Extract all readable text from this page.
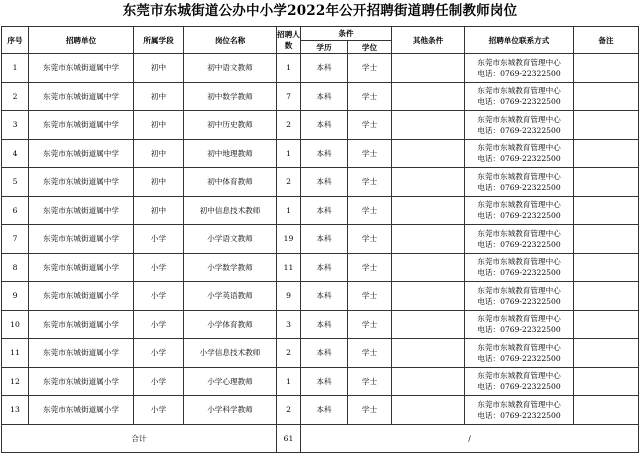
东莞市东城街道公办中小学2022年公开招聘街道聘任制教师岗位
序号	招聘单位	所属学段	岗位名称	招聘人数	条件		其他条件	招聘单位联系方式	备注
					学历	学位			
1	东莞市东城街道属中学	初中	初中语文教师	1	本科	学士		东莞市东城教育管理中心
电话：0769-22322500	

2	东莞市东城街道属中学	初中	初中数学教师	7	本科	学士		东莞市东城教育管理中心
电话：0769-22322500	

3	东莞市东城街道属中学	初中	初中历史教师	2	本科	学士		东莞市东城教育管理中心
电话：0769-22322500	

4	东莞市东城街道属中学	初中	初中地理教师	1	本科	学士		东莞市东城教育管理中心
电话：0769-22322500	

5	东莞市东城街道属中学	初中	初中体育教师	2	本科	学士		东莞市东城教育管理中心
电话：0769-22322500	

6	东莞市东城街道属中学	初中	初中信息技术教师	1	本科	学士		东莞市东城教育管理中心
电话：0769-22322500	

7	东莞市东城街道属小学	小学	小学语文教师	19	本科	学士		东莞市东城教育管理中心
电话：0769-22322500	

8	东莞市东城街道属小学	小学	小学数学教师	11	本科	学士		东莞市东城教育管理中心
电话：0769-22322500	

9	东莞市东城街道属小学	小学	小学英语教师	9	本科	学士		东莞市东城教育管理中心
电话：0769-22322500	

10	东莞市东城街道属小学	小学	小学体育教师	3	本科	学士		东莞市东城教育管理中心
电话：0769-22322500	

11	东莞市东城街道属小学	小学	小学信息技术教师	2	本科	学士		东莞市东城教育管理中心
电话：0769-22322500	

12	东莞市东城街道属小学	小学	小学心理教师	1	本科	学士		东莞市东城教育管理中心
电话：0769-22322500	

13	东莞市东城街道属小学	小学	小学科学教师	2	本科	学士		东莞市东城教育管理中心
电话：0769-22322500	

合计				61	/				
